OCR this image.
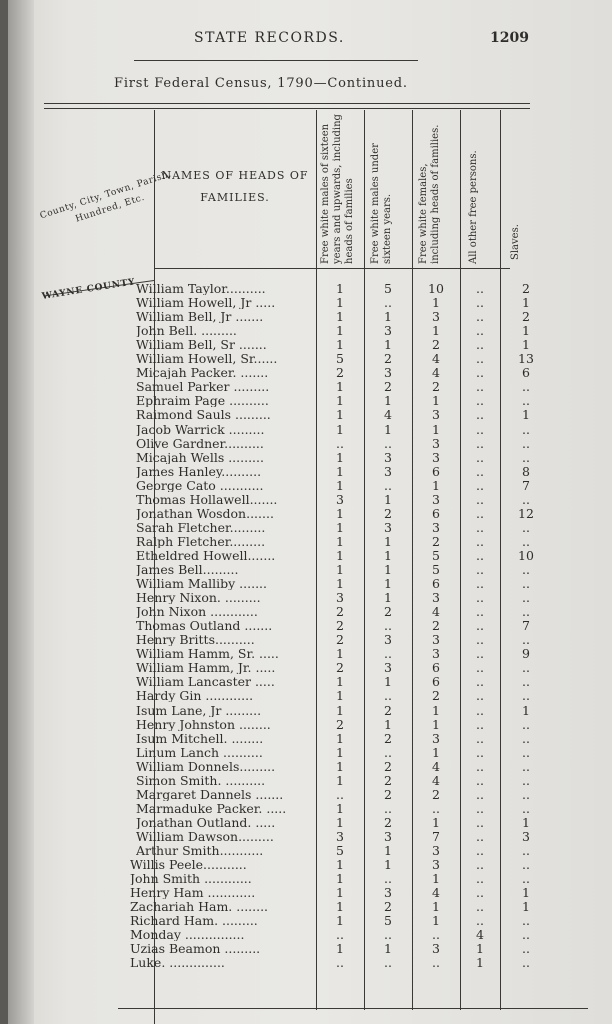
STATE RECORDS.	1209
First Federal Census, 1790—Continued.
County, City, Town, Parish, Hundred, Etc.
NAMES OF HEADS OF FAMILIES.	Free white males of sixteen years and upwards, including heads of families	Free white males under sixteen years.	Free white females, including heads of families.	All other free persons.	Slaves.
WAYNE COUNTY William Taylor..........	1	5	10	..	2
William Howell, Jr .....	1	..	1	..	1
William Bell, Jr .......	1	1	3	..	2
John Bell. .........	1	3	1	..	1
William Bell, Sr .......	1	1	2	..	1
William Howell, Sr......	5	2	4	..	13
Micajah Packer. .......	2	3	4	..	6
Samuel Parker .........	1	2	2	..	..
Ephraim Page ..........	1	1	1	..	..
Raimond Sauls .........	1	4	3	..	1
Jacob Warrick .........	1	1	1	..	..
Olive Gardner..........	..	..	3	..	..
Micajah Wells .........	1	3	3	..	..
James Hanley..........	1	3	6	..	8
George Cato ...........	1	..	1	..	7
Thomas Hollawell.......	3	1	3	..	..
Jonathan Wosdon.......	1	2	6	..	12
Sarah Fletcher.........	1	3	3	..	..
Ralph Fletcher.........	1	1	2	..	..
Etheldred Howell.......	1	1	5	..	10
James Bell.........	1	1	5	..	..
William Malliby .......	1	1	6	..	..
Henry Nixon. .........	3	1	3	..	..
John Nixon ............	2	2	4	..	..
Thomas Outland .......	2	..	2	..	7
Henry Britts..........	2	3	3	..	..
William Hamm, Sr. .....	1	..	3	..	9
William Hamm, Jr. .....	2	3	6	..	..
William Lancaster .....	1	1	6	..	..
Hardy Gin ............	1	..	2	..	..
Isum Lane, Jr .........	1	2	1	..	1
Henry Johnston ........	2	1	1	..	..
Isum Mitchell. ........	1	2	3	..	..
Linum Lanch ..........	1	..	1	..	..
William Donnels.........	1	2	4	..	..
Simon Smith. ..........	1	2	4	..	..
Margaret Dannels .......	..	2	2	..	..
Marmaduke Packer. .....	1	..	..	..	..
Jonathan Outland. .....	1	2	1	..	1
William Dawson.........	3	3	7	..	3
Arthur Smith...........	5	1	3	..	..
Willis Peele...........	1	1	3	..	..
John Smith ............	1	..	1	..	..
Henry Ham ............	1	3	4	..	1
Zachariah Ham. ........	1	2	1	..	1
Richard Ham. .........	1	5	1	..	..
Monday ...............	..	..	..	4	..
Uzias Beamon .........	1	1	3	1	..
Luke. ..............	..	..	..	1	..
